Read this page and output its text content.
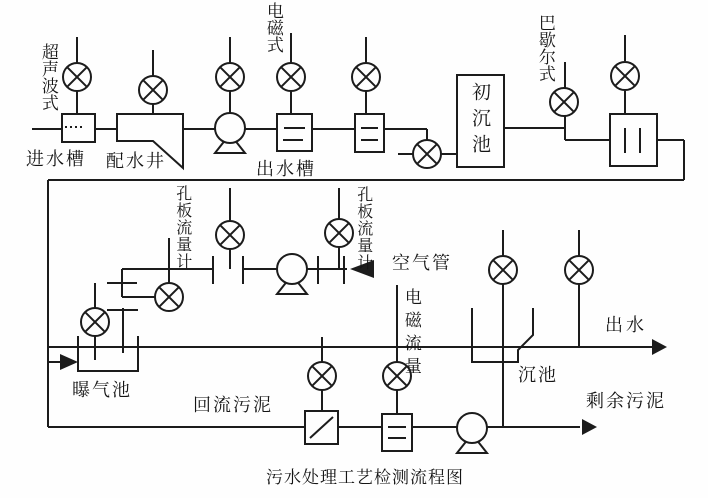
超声波式
进水槽 配水井
电磁式
出水槽
初沉池
巴歇尔式
孔板流量计	孔板流量计 空气管
电磁流量
曝气池
回流污泥
沉池
出水
剩余污泥
污水处理工艺检测流程图
